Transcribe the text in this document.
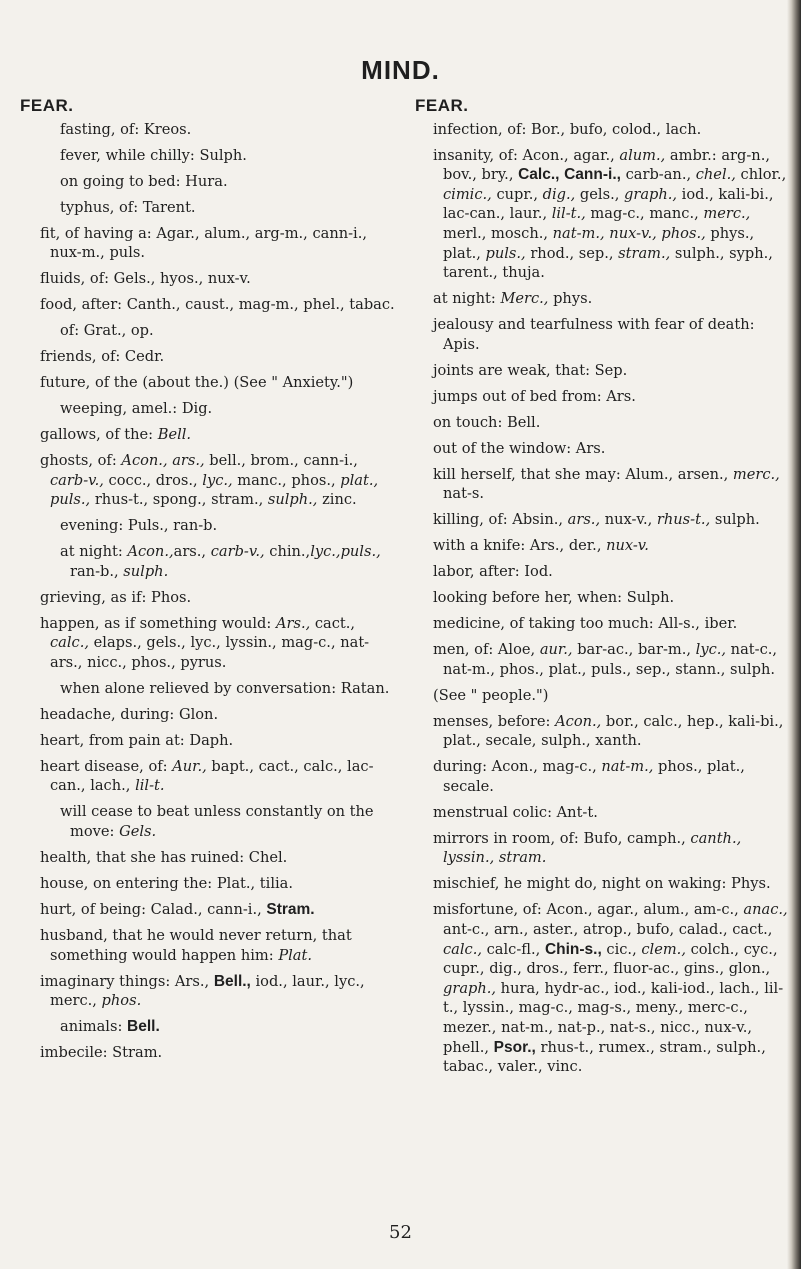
MIND.
FEAR.
fasting, of: Kreos.
fever, while chilly: Sulph.
on going to bed: Hura.
typhus, of: Tarent.
fit, of having a: Agar., alum., arg-m., cann-i., nux-m., puls.
fluids, of: Gels., hyos., nux-v.
food, after: Canth., caust., mag-m., phel., tabac.
of: Grat., op.
friends, of: Cedr.
future, of the (about the.) (See " Anxiety.")
weeping, amel.: Dig.
gallows, of the: Bell.
ghosts, of: Acon., ars., bell., brom., cann-i., carb-v., cocc., dros., lyc., manc., phos., plat., puls., rhus-t., spong., stram., sulph., zinc.
evening: Puls., ran-b.
at night: Acon.,ars., carb-v., chin.,lyc.,puls., ran-b., sulph.
grieving, as if: Phos.
happen, as if something would: Ars., cact., calc., elaps., gels., lyc., lyssin., mag-c., nat-ars., nicc., phos., pyrus.
when alone relieved by conversation: Ratan.
headache, during: Glon.
heart, from pain at: Daph.
heart disease, of: Aur., bapt., cact., calc., lac-can., lach., lil-t.
will cease to beat unless constantly on the move: Gels.
health, that she has ruined: Chel.
house, on entering the: Plat., tilia.
hurt, of being: Calad., cann-i., Stram.
husband, that he would never return, that something would happen him: Plat.
imaginary things: Ars., Bell., iod., laur., lyc., merc., phos.
animals: Bell.
imbecile: Stram.
FEAR.
infection, of: Bor., bufo, colod., lach.
insanity, of: Acon., agar., alum., ambr.: arg-n., bov., bry., Calc., Cann-i., carb-an., chel., chlor., cimic., cupr., dig., gels., graph., iod., kali-bi., lac-can., laur., lil-t., mag-c., manc., merc., merl., mosch., nat-m., nux-v., phos., phys., plat., puls., rhod., sep., stram., sulph., syph., tarent., thuja.
at night: Merc., phys.
jealousy and tearfulness with fear of death: Apis.
joints are weak, that: Sep.
jumps out of bed from: Ars.
on touch: Bell.
out of the window: Ars.
kill herself, that she may: Alum., arsen., merc., nat-s.
killing, of: Absin., ars., nux-v., rhus-t., sulph.
with a knife: Ars., der., nux-v.
labor, after: Iod.
looking before her, when: Sulph.
medicine, of taking too much: All-s., iber.
men, of: Aloe, aur., bar-ac., bar-m., lyc., nat-c., nat-m., phos., plat., puls., sep., stann., sulph.
(See " people.")
menses, before: Acon., bor., calc., hep., kali-bi., plat., secale, sulph., xanth.
during: Acon., mag-c., nat-m., phos., plat., secale.
menstrual colic: Ant-t.
mirrors in room, of: Bufo, camph., canth., lyssin., stram.
mischief, he might do, night on waking: Phys.
misfortune, of: Acon., agar., alum., am-c., anac., ant-c., arn., aster., atrop., bufo, calad., cact., calc., calc-fl., Chin-s., cic., clem., colch., cyc., cupr., dig., dros., ferr., fluor-ac., gins., glon., graph., hura, hydr-ac., iod., kali-iod., lach., lil-t., lyssin., mag-c., mag-s., meny., merc-c., mezer., nat-m., nat-p., nat-s., nicc., nux-v., phell., Psor., rhus-t., rumex., stram., sulph., tabac., valer., vinc.
52
